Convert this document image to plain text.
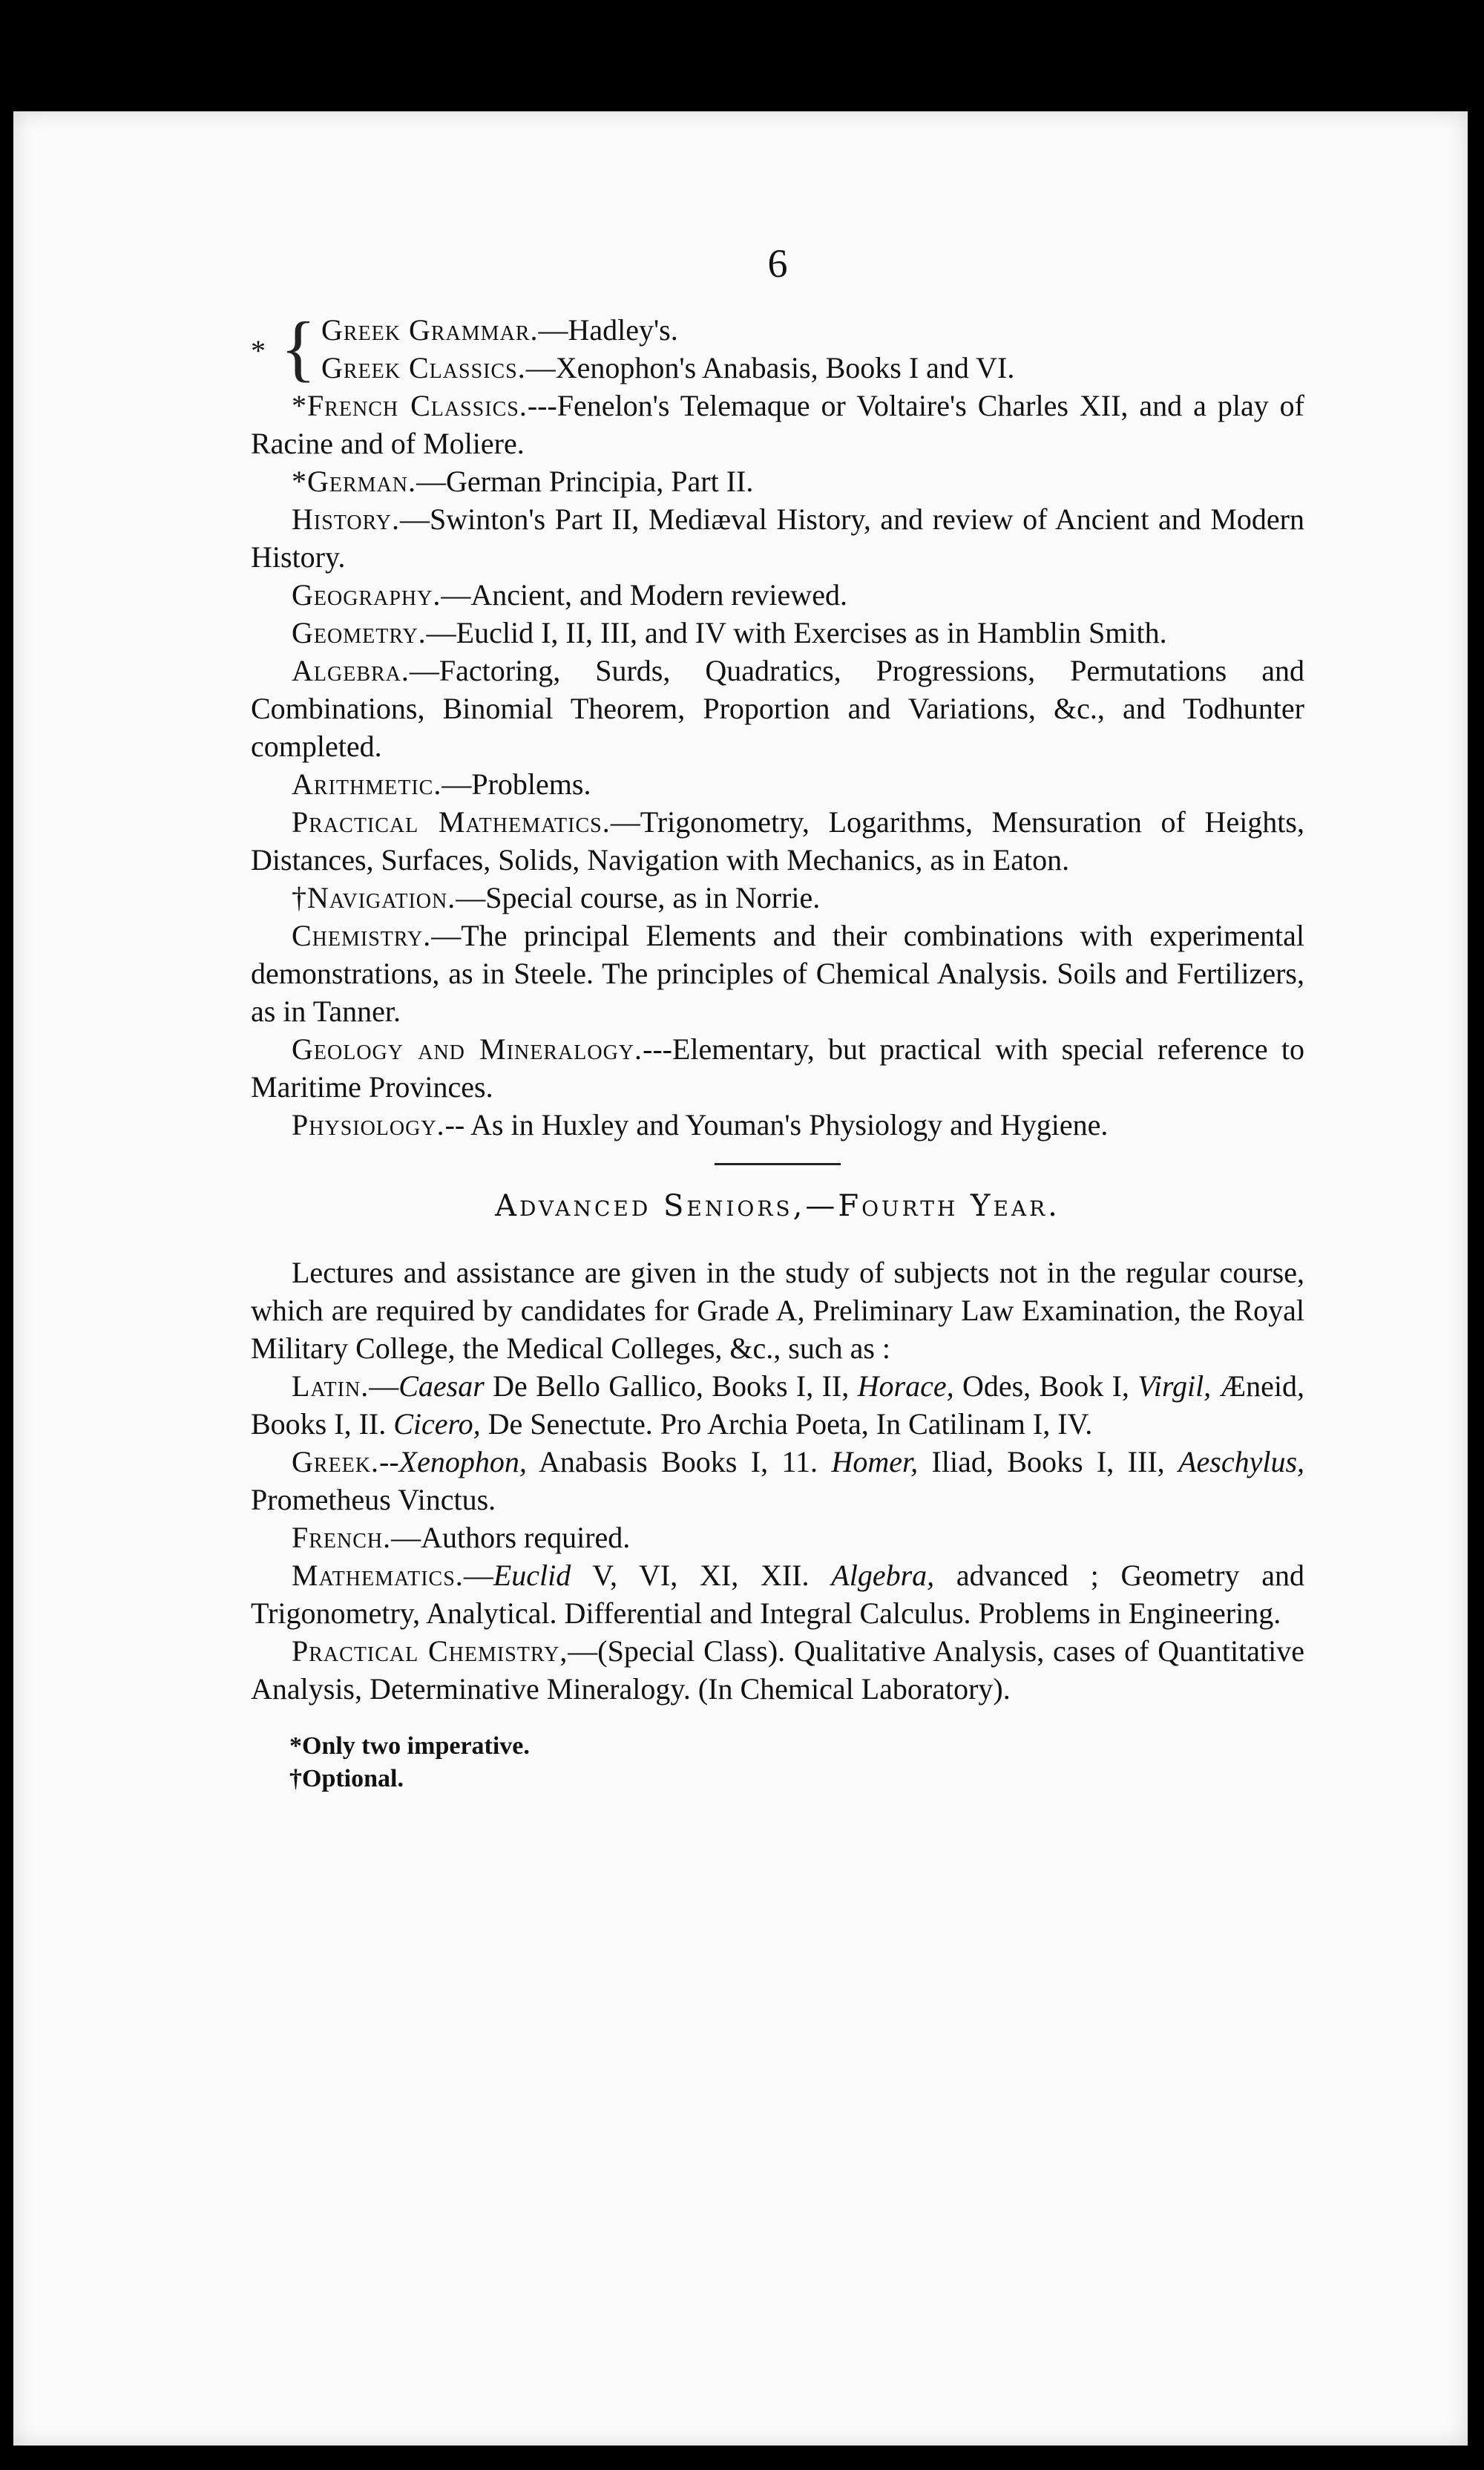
6
* { Greek Grammar.—Hadley's.

Greek Classics.—Xenophon's Anabasis, Books I and VI.

*French Classics.---Fenelon's Telemaque or Voltaire's Charles XII, and a play of Racine and of Moliere.

*German.—German Principia, Part II.

History.—Swinton's Part II, Mediæval History, and review of Ancient and Modern History.

Geography.—Ancient, and Modern reviewed.

Geometry.—Euclid I, II, III, and IV with Exercises as in Hamblin Smith.

Algebra.—Factoring, Surds, Quadratics, Progressions, Permutations and Combinations, Binomial Theorem, Proportion and Variations, &c., and Todhunter completed.

Arithmetic.—Problems.

Practical Mathematics.—Trigonometry, Logarithms, Mensuration of Heights, Distances, Surfaces, Solids, Navigation with Mechanics, as in Eaton.

†Navigation.—Special course, as in Norrie.

Chemistry.—The principal Elements and their combinations with experimental demonstrations, as in Steele. The principles of Chemical Analysis. Soils and Fertilizers, as in Tanner.

Geology and Mineralogy.---Elementary, but practical with special reference to Maritime Provinces.

Physiology.-- As in Huxley and Youman's Physiology and Hygiene.

Advanced Seniors,—Fourth Year.

Lectures and assistance are given in the study of subjects not in the regular course, which are required by candidates for Grade A, Preliminary Law Examination, the Royal Military College, the Medical Colleges, &c., such as :

Latin.—Caesar De Bello Gallico, Books I, II, Horace, Odes, Book I, Virgil, Æneid, Books I, II. Cicero, De Senectute. Pro Archia Poeta, In Catilinam I, IV.

Greek.--Xenophon, Anabasis Books I, 11. Homer, Iliad, Books I, III, Aeschylus, Prometheus Vinctus.

French.—Authors required.

Mathematics.—Euclid V, VI, XI, XII. Algebra, advanced ; Geometry and Trigonometry, Analytical. Differential and Integral Calculus. Problems in Engineering.

Practical Chemistry,—(Special Class). Qualitative Analysis, cases of Quantitative Analysis, Determinative Mineralogy. (In Chemical Laboratory).

*Only two imperative.
†Optional.
